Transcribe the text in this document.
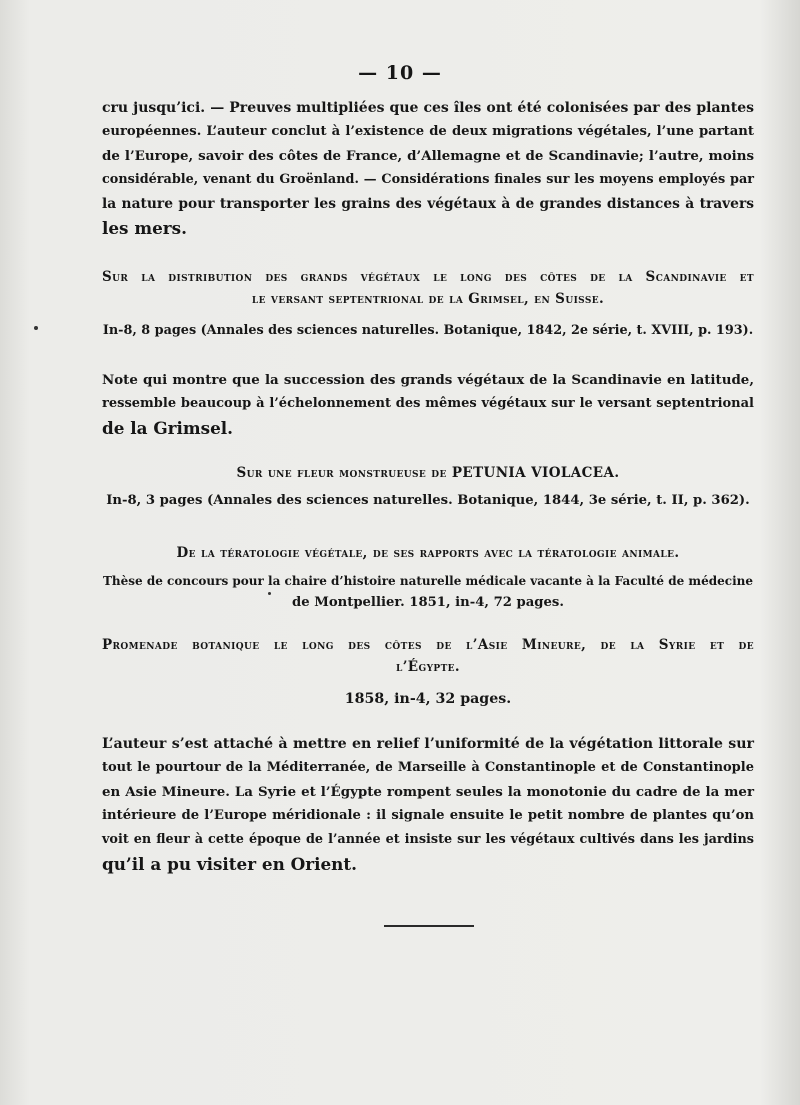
— 10 —
cru jusqu’ici. — Preuves multipliées que ces îles ont été colonisées par des plantes
européennes. L’auteur conclut à l’existence de deux migrations végétales, l’une partant
de l’Europe, savoir des côtes de France, d’Allemagne et de Scandinavie; l’autre, moins
considérable, venant du Groënland. — Considérations finales sur les moyens employés par
la nature pour transporter les grains des végétaux à de grandes distances à travers
les mers.
Sur la distribution des grands végétaux le long des côtes de la Scandinavie et
le versant septentrional de la Grimsel, en Suisse.
In-8, 8 pages (Annales des sciences naturelles. Botanique, 1842, 2e série, t. XVIII, p. 193).
Note qui montre que la succession des grands végétaux de la Scandinavie en latitude,
ressemble beaucoup à l’échelonnement des mêmes végétaux sur le versant septentrional
de la Grimsel.
Sur une fleur monstrueuse de PETUNIA VIOLACEA.
In-8, 3 pages (Annales des sciences naturelles. Botanique, 1844, 3e série, t. II, p. 362).
De la tératologie végétale, de ses rapports avec la tératologie animale.
Thèse de concours pour la chaire d’histoire naturelle médicale vacante à la Faculté de médecine
de Montpellier. 1851, in-4, 72 pages.
Promenade botanique le long des côtes de l’Asie Mineure, de la Syrie et de
l’Égypte.
1858, in-4, 32 pages.
L’auteur s’est attaché à mettre en relief l’uniformité de la végétation littorale sur
tout le pourtour de la Méditerranée, de Marseille à Constantinople et de Constantinople
en Asie Mineure. La Syrie et l’Égypte rompent seules la monotonie du cadre de la mer
intérieure de l’Europe méridionale : il signale ensuite le petit nombre de plantes qu’on
voit en fleur à cette époque de l’année et insiste sur les végétaux cultivés dans les jardins
qu’il a pu visiter en Orient.
